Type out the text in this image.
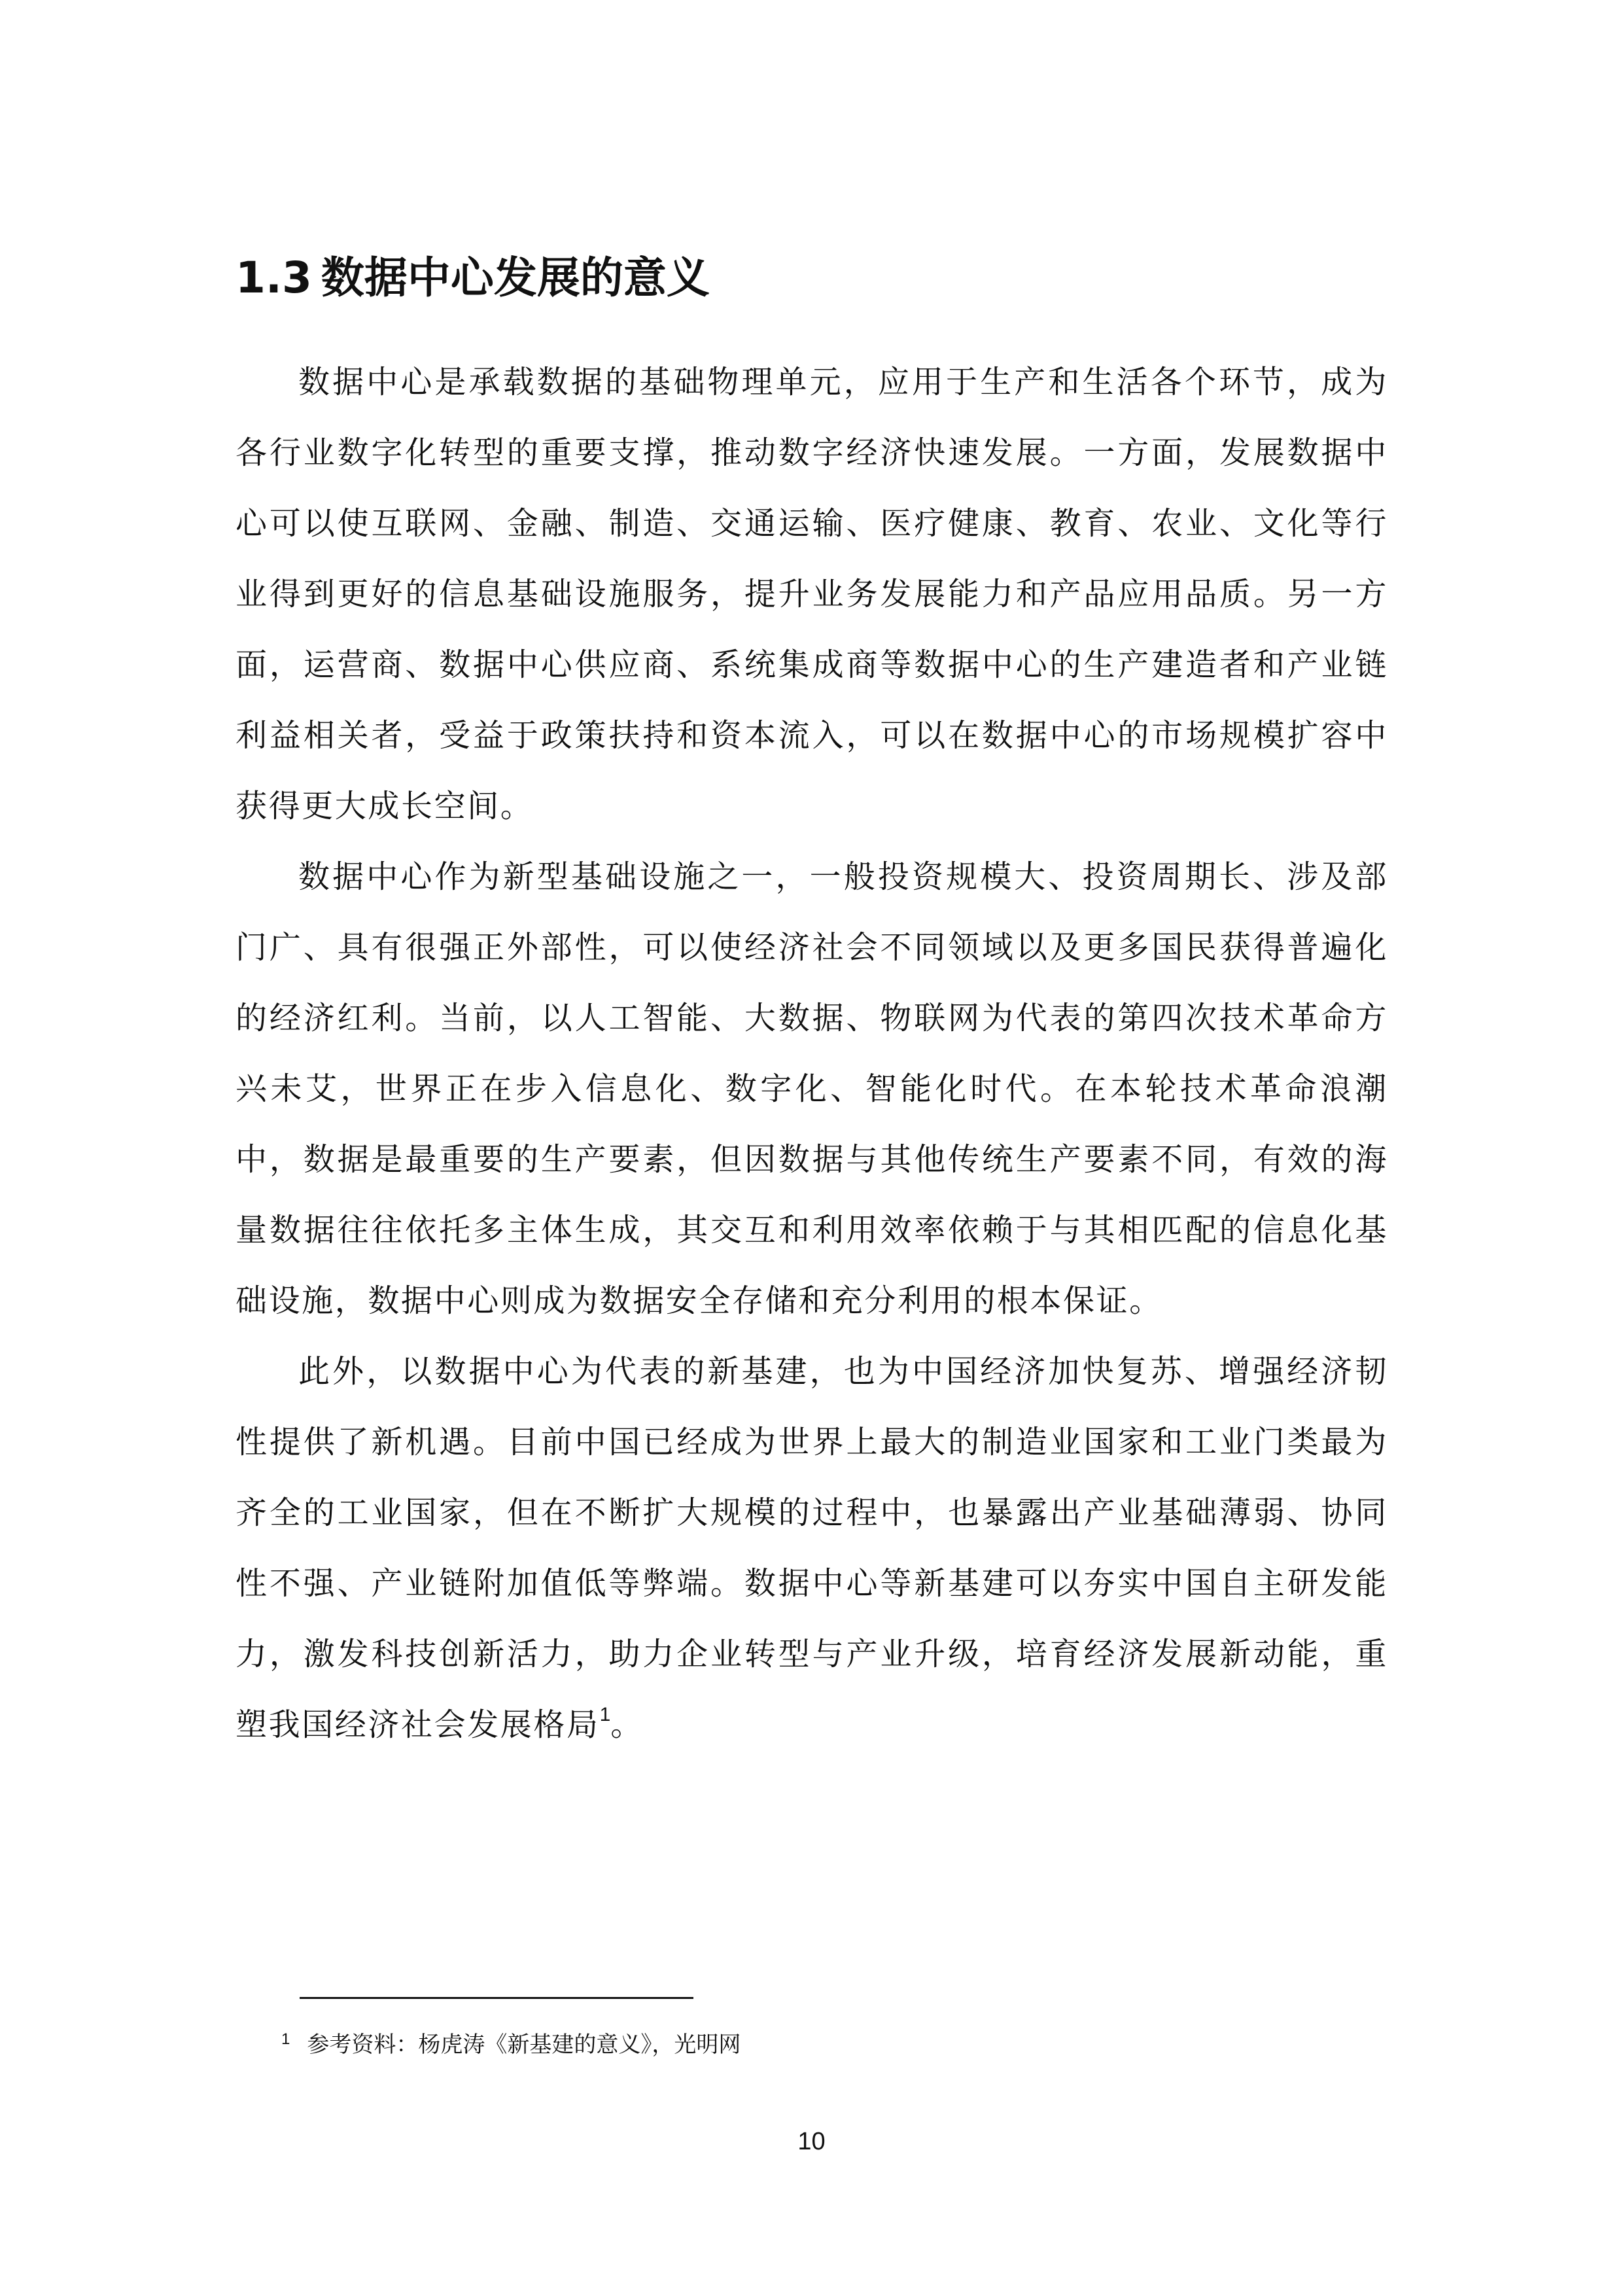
1.3 数据中心发展的意义

数据中心是承载数据的基础物理单元，应用于生产和生活各个环节，成为各行业数字化转型的重要支撑，推动数字经济快速发展。一方面，发展数据中心可以使互联网、金融、制造、交通运输、医疗健康、教育、农业、文化等行业得到更好的信息基础设施服务，提升业务发展能力和产品应用品质。另一方面，运营商、数据中心供应商、系统集成商等数据中心的生产建造者和产业链利益相关者，受益于政策扶持和资本流入，可以在数据中心的市场规模扩容中获得更大成长空间。

数据中心作为新型基础设施之一，一般投资规模大、投资周期长、涉及部门广、具有很强正外部性，可以使经济社会不同领域以及更多国民获得普遍化的经济红利。当前，以人工智能、大数据、物联网为代表的第四次技术革命方兴未艾，世界正在步入信息化、数字化、智能化时代。在本轮技术革命浪潮中，数据是最重要的生产要素，但因数据与其他传统生产要素不同，有效的海量数据往往依托多主体生成，其交互和利用效率依赖于与其相匹配的信息化基础设施，数据中心则成为数据安全存储和充分利用的根本保证。

此外，以数据中心为代表的新基建，也为中国经济加快复苏、增强经济韧性提供了新机遇。目前中国已经成为世界上最大的制造业国家和工业门类最为齐全的工业国家，但在不断扩大规模的过程中，也暴露出产业基础薄弱、协同性不强、产业链附加值低等弊端。数据中心等新基建可以夯实中国自主研发能力，激发科技创新活力，助力企业转型与产业升级，培育经济发展新动能，重塑我国经济社会发展格局$^1$。

$^1$ 参考资料：杨虎涛《新基建的意义》，光明网
10
